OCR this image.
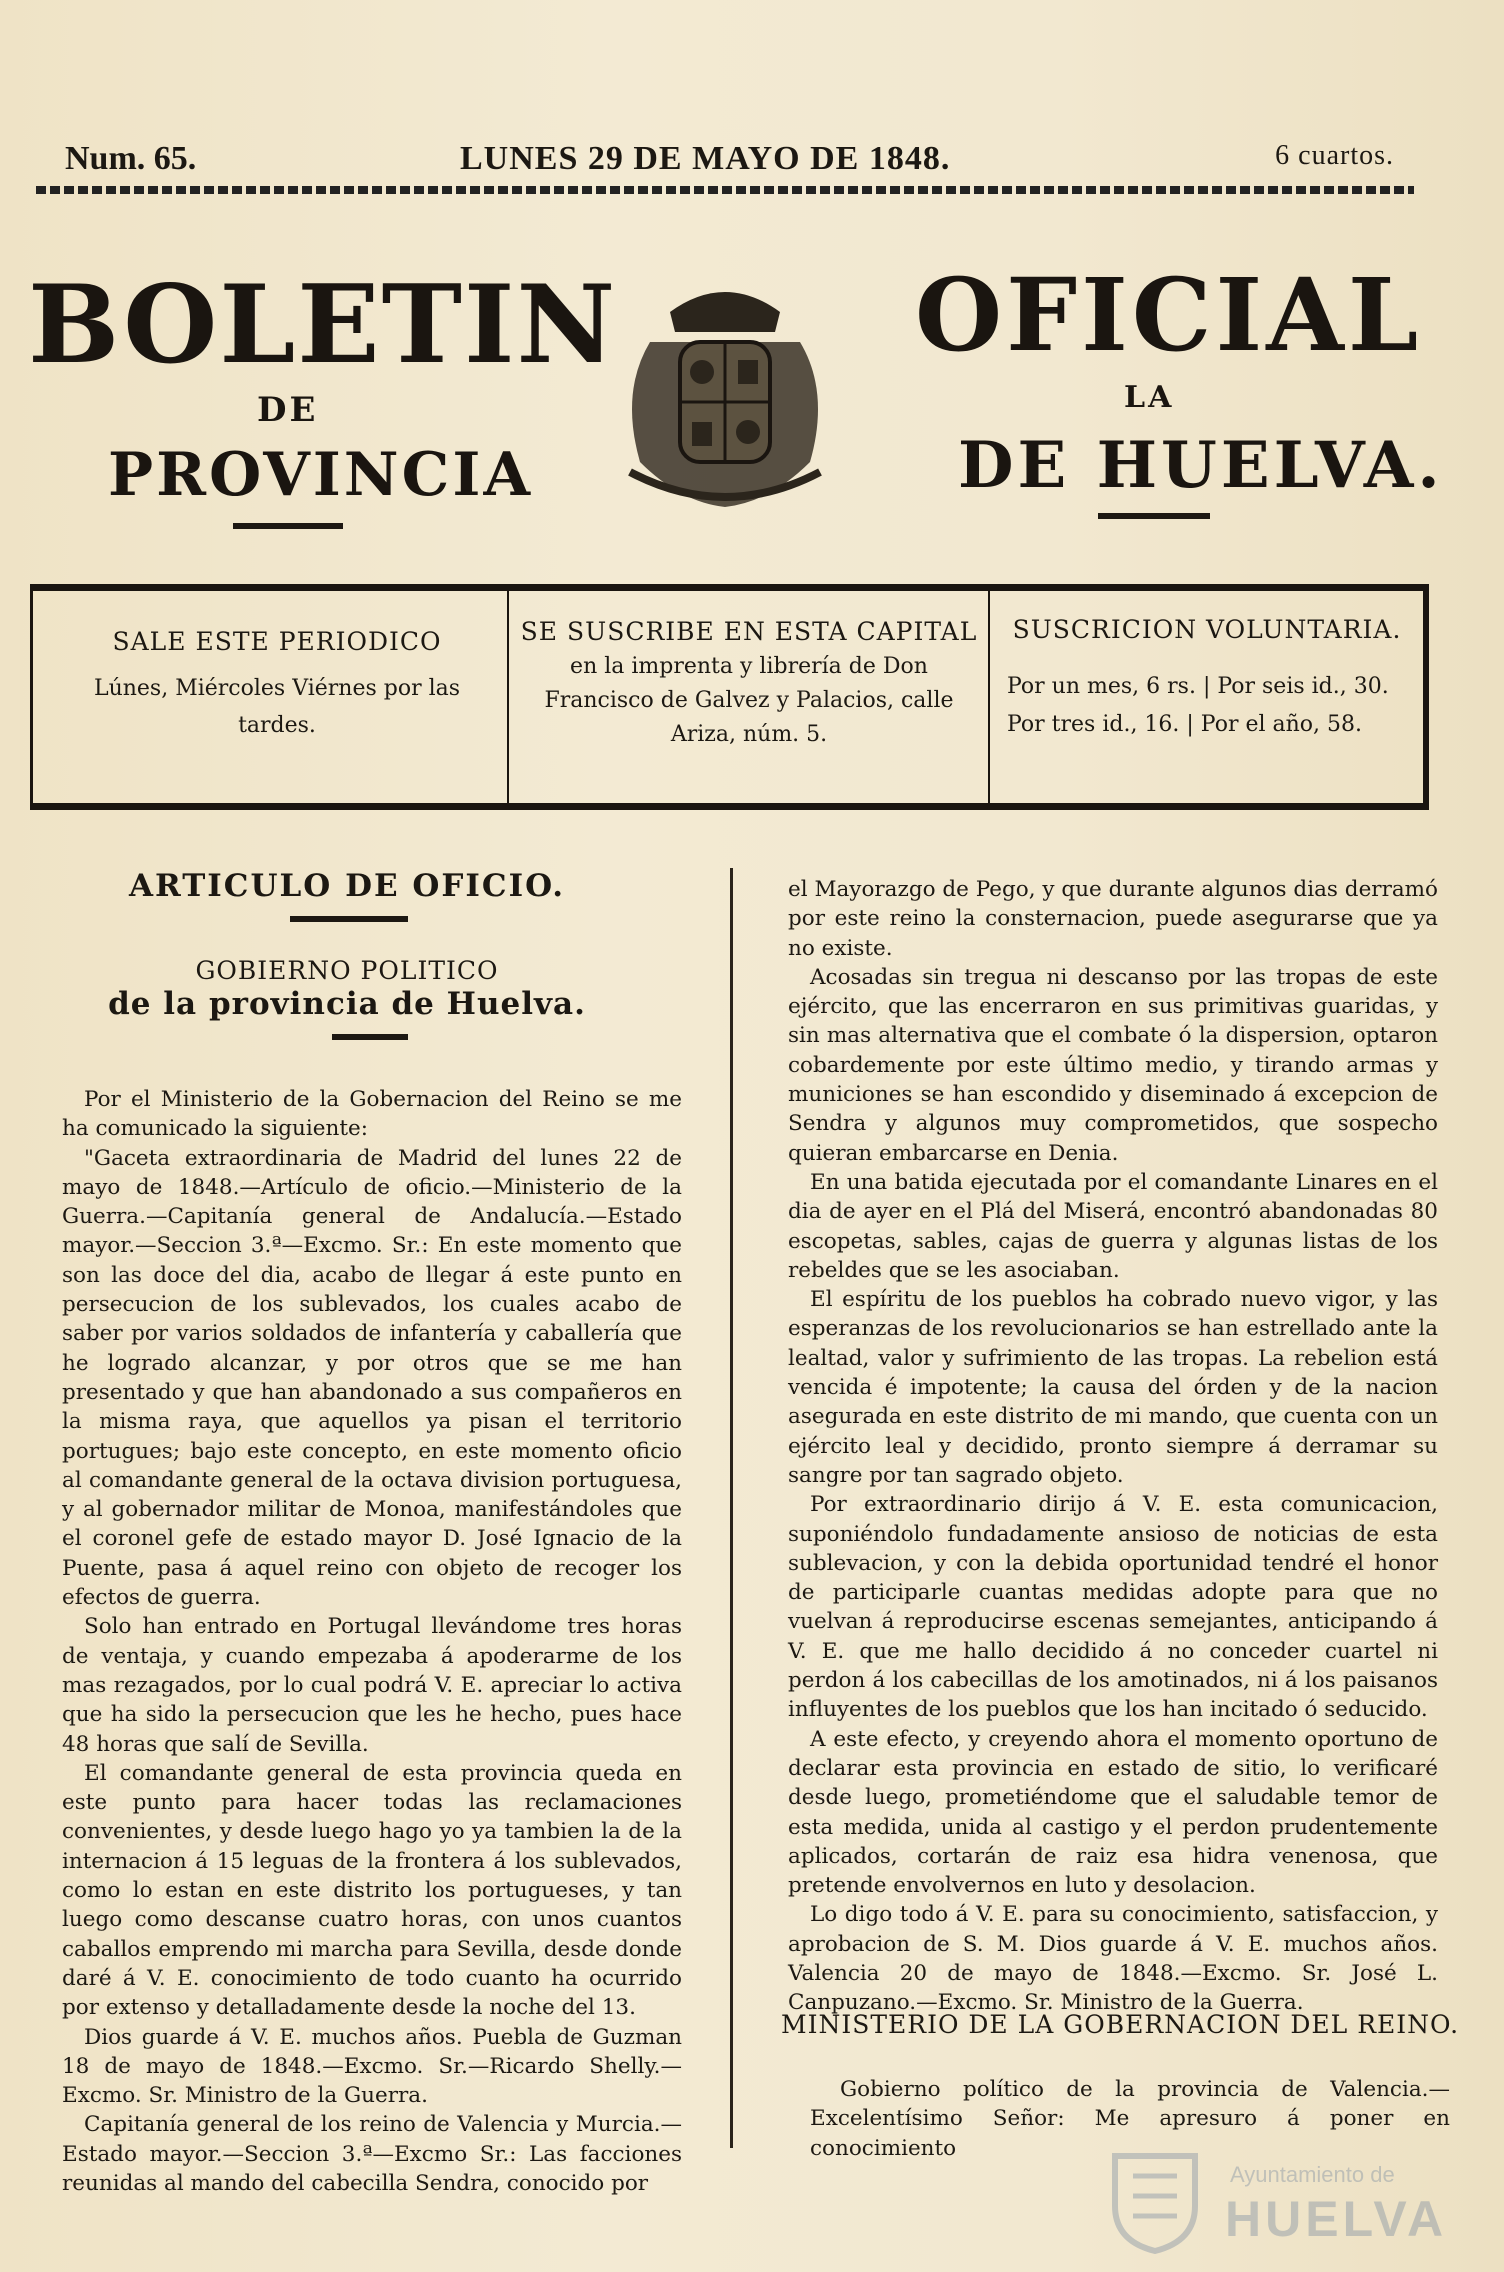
Num. 65.	LUNES 29 DE MAYO DE 1848.	6 cuartos.
BOLETIN
DE
PROVINCIA
OFICIAL
LA
DE HUELVA.
SALE ESTE PERIODICO
Lúnes, Miércoles Viérnes por las tardes.
SE SUSCRIBE EN ESTA CAPITAL
en la imprenta y librería de Don Francisco de Galvez y Palacios, calle Ariza, núm. 5.
SUSCRICION VOLUNTARIA.
Por un mes, 6 rs. | Por seis id., 30.
Por tres id., 16. | Por el año, 58.
ARTICULO DE OFICIO.
GOBIERNO POLITICO
de la provincia de Huelva.

Por el Ministerio de la Gobernacion del Reino se me ha comunicado la siguiente:

"Gaceta extraordinaria de Madrid del lunes 22 de mayo de 1848.—Artículo de oficio.—Ministerio de la Guerra.—Capitanía general de Andalucía.—Estado mayor.—Seccion 3.ª—Excmo. Sr.: En este momento que son las doce del dia, acabo de llegar á este punto en persecucion de los sublevados, los cuales acabo de saber por varios soldados de infantería y caballería que he logrado alcanzar, y por otros que se me han presentado y que han abandonado a sus compañeros en la misma raya, que aquellos ya pisan el territorio portugues; bajo este concepto, en este momento oficio al comandante general de la octava division portuguesa, y al gobernador militar de Monoa, manifestándoles que el coronel gefe de estado mayor D. José Ignacio de la Puente, pasa á aquel reino con objeto de recoger los efectos de guerra.

Solo han entrado en Portugal llevándome tres horas de ventaja, y cuando empezaba á apoderarme de los mas rezagados, por lo cual podrá V. E. apreciar lo activa que ha sido la persecucion que les he hecho, pues hace 48 horas que salí de Sevilla.

El comandante general de esta provincia queda en este punto para hacer todas las reclamaciones convenientes, y desde luego hago yo ya tambien la de la internacion á 15 leguas de la frontera á los sublevados, como lo estan en este distrito los portugueses, y tan luego como descanse cuatro horas, con unos cuantos caballos emprendo mi marcha para Sevilla, desde donde daré á V. E. conocimiento de todo cuanto ha ocurrido por extenso y detalladamente desde la noche del 13.

Dios guarde á V. E. muchos años. Puebla de Guzman 18 de mayo de 1848.—Excmo. Sr.—Ricardo Shelly.—Excmo. Sr. Ministro de la Guerra.

Capitanía general de los reino de Valencia y Murcia.—Estado mayor.—Seccion 3.ª—Excmo Sr.: Las facciones reunidas al mando del cabecilla Sendra, conocido por

el Mayorazgo de Pego, y que durante algunos dias derramó por este reino la consternacion, puede asegurarse que ya no existe.

Acosadas sin tregua ni descanso por las tropas de este ejército, que las encerraron en sus primitivas guaridas, y sin mas alternativa que el combate ó la dispersion, optaron cobardemente por este último medio, y tirando armas y municiones se han escondido y diseminado á excepcion de Sendra y algunos muy comprometidos, que sospecho quieran embarcarse en Denia.

En una batida ejecutada por el comandante Linares en el dia de ayer en el Plá del Miserá, encontró abandonadas 80 escopetas, sables, cajas de guerra y algunas listas de los rebeldes que se les asociaban.

El espíritu de los pueblos ha cobrado nuevo vigor, y las esperanzas de los revolucionarios se han estrellado ante la lealtad, valor y sufrimiento de las tropas. La rebelion está vencida é impotente; la causa del órden y de la nacion asegurada en este distrito de mi mando, que cuenta con un ejército leal y decidido, pronto siempre á derramar su sangre por tan sagrado objeto.

Por extraordinario dirijo á V. E. esta comunicacion, suponiéndolo fundadamente ansioso de noticias de esta sublevacion, y con la debida oportunidad tendré el honor de participarle cuantas medidas adopte para que no vuelvan á reproducirse escenas semejantes, anticipando á V. E. que me hallo decidido á no conceder cuartel ni perdon á los cabecillas de los amotinados, ni á los paisanos influyentes de los pueblos que los han incitado ó seducido.

A este efecto, y creyendo ahora el momento oportuno de declarar esta provincia en estado de sitio, lo verificaré desde luego, prometiéndome que el saludable temor de esta medida, unida al castigo y el perdon prudentemente aplicados, cortarán de raiz esa hidra venenosa, que pretende envolvernos en luto y desolacion.

Lo digo todo á V. E. para su conocimiento, satisfaccion, y aprobacion de S. M. Dios guarde á V. E. muchos años. Valencia 20 de mayo de 1848.—Excmo. Sr. José L. Canpuzano.—Excmo. Sr. Ministro de la Guerra.

MINISTERIO DE LA GOBERNACION DEL REINO.

Gobierno político de la provincia de Valencia.—Excelentísimo Señor: Me apresuro á poner en conocimiento

Ayuntamiento de
HUELVA
